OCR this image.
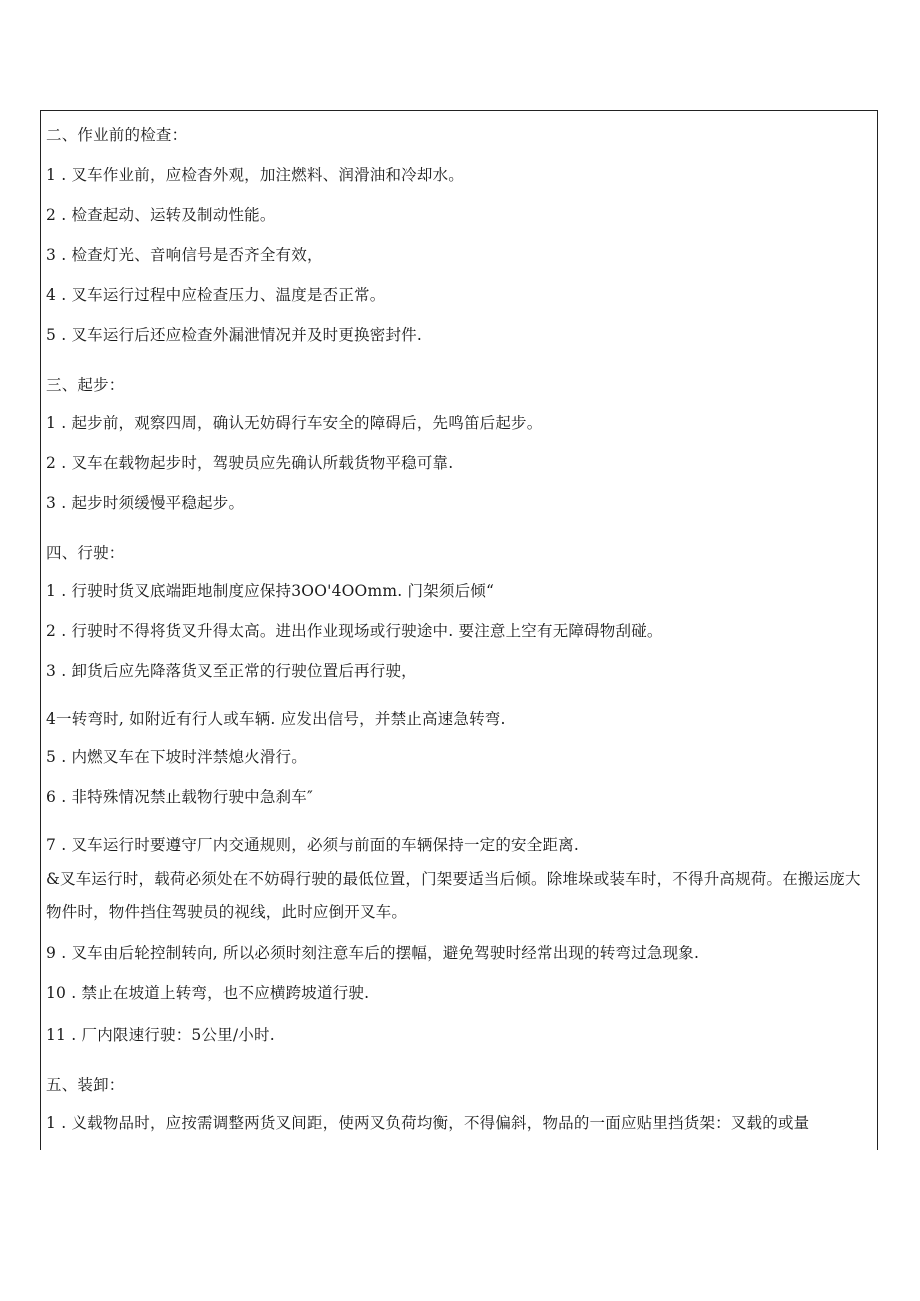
二、作业前的检查：
1 . 叉车作业前，应检杳外观，加注燃料、润滑油和冷却水。
2 . 检查起动、运转及制动性能。
3 . 检查灯光、音响信号是否齐全有效，
4 . 叉车运行过程中应检查压力、温度是否正常。
5 . 叉车运行后还应检查外漏泄情况并及时更换密封件.
三、起步：
1 . 起步前，观察四周，确认无妨碍行车安全的障碍后，先鸣笛后起步。
2 . 叉车在载物起步时，驾驶员应先确认所载货物平稳可靠.
3 . 起步时须缓慢平稳起步。
四、行驶：
1 . 行驶时货叉底端距地制度应保持3OO'4OOmm. 门架须后倾“
2 . 行驶时不得将货叉升得太高。进出作业现场或行驶途中. 要注意上空有无障碍物刮碰。
3 . 卸货后应先降落货叉至正常的行驶位置后再行驶，
4一转弯时, 如附近有行人或车辆. 应发出信号，并禁止高速急转弯.
5 . 内燃叉车在下坡时泮禁熄火滑行。
6 . 非特殊情况禁止载物行驶中急刹车″
7 . 叉车运行时要遵守厂内交通规则，必须与前面的车辆保持一定的安全距离.
&叉车运行时，载荷必须处在不妨碍行驶的最低位置，门架要适当后倾。除堆垛或装车时，不得升高规荷。在搬运庞大物件时，物件挡住驾驶员的视线，此时应倒开叉车。
9 . 叉车由后轮控制转向, 所以必须时刻注意车后的摆幅，避免驾驶时经常出现的转弯过急现象.
10 . 禁止在坡道上转弯，也不应横跨坡道行驶.
11 . 厂内限速行驶：5公里/小时.
五、装卸：
1 . 义载物品时，应按需调整两货叉间距，使两叉负荷均衡，不得偏斜，物品的一面应贴里挡货架：叉载的或量
